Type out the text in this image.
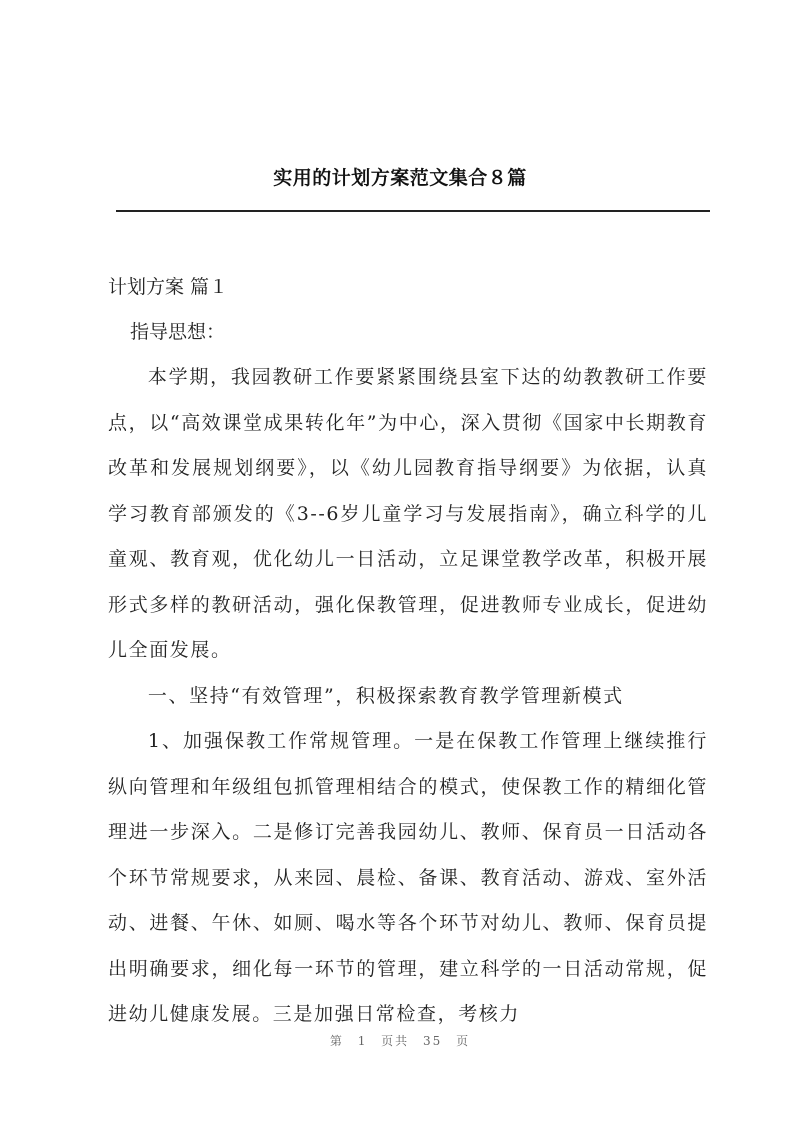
实用的计划方案范文集合８篇
计划方案 篇１
指导思想：

本学期，我园教研工作要紧紧围绕县室下达的幼教教研工作要点，以“高效课堂成果转化年”为中心，深入贯彻《国家中长期教育改革和发展规划纲要》，以《幼儿园教育指导纲要》为依据，认真学习教育部颁发的《3--6岁儿童学习与发展指南》，确立科学的儿童观、教育观，优化幼儿一日活动，立足课堂教学改革，积极开展形式多样的教研活动，强化保教管理，促进教师专业成长，促进幼儿全面发展。

一、坚持“有效管理”，积极探索教育教学管理新模式

1、加强保教工作常规管理。一是在保教工作管理上继续推行纵向管理和年级组包抓管理相结合的模式，使保教工作的精细化管理进一步深入。二是修订完善我园幼儿、教师、保育员一日活动各个环节常规要求，从来园、晨检、备课、教育活动、游戏、室外活动、进餐、午休、如厕、喝水等各个环节对幼儿、教师、保育员提出明确要求，细化每一环节的管理，建立科学的一日活动常规，促进幼儿健康发展。三是加强日常检查，考核力

第 1 页共 35 页
